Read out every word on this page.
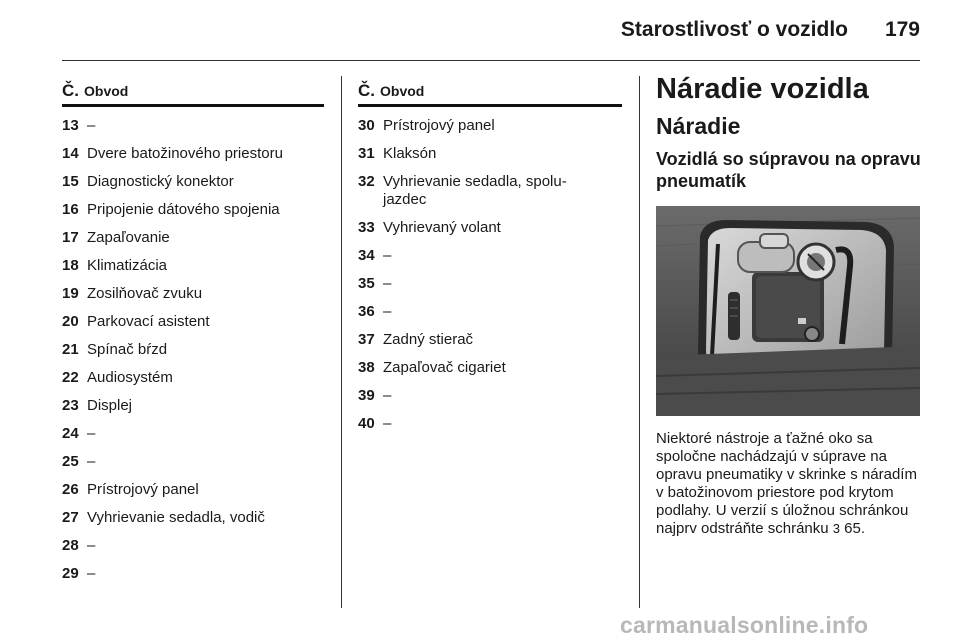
Starostlivosť o vozidlo 179
Č. Obvod
13 –
14 Dvere batožinového priestoru
15 Diagnostický konektor
16 Pripojenie dátového spojenia
17 Zapaľovanie
18 Klimatizácia
19 Zosilňovač zvuku
20 Parkovací asistent
21 Spínač bŕzd
22 Audiosystém
23 Displej
24 –
25 –
26 Prístrojový panel
27 Vyhrievanie sedadla, vodič
28 –
29 –
Č. Obvod
30 Prístrojový panel
31 Klaksón
32 Vyhrievanie sedadla, spolu-
jazdec
33 Vyhrievaný volant
34 –
35 –
36 –
37 Zadný stierač
38 Zapaľovač cigariet
39 –
40 –
Náradie vozidla
Náradie
Vozidlá so súpravou na opravu pneumatík
Niektoré nástroje a ťažné oko sa spoločne nachádzajú v súprave na opravu pneumatiky v skrinke s náradím v batožinovom priestore pod krytom podlahy. U verzií s úložnou schránkou najprv odstráňte schránku 3 65.
carmanualsonline.info
